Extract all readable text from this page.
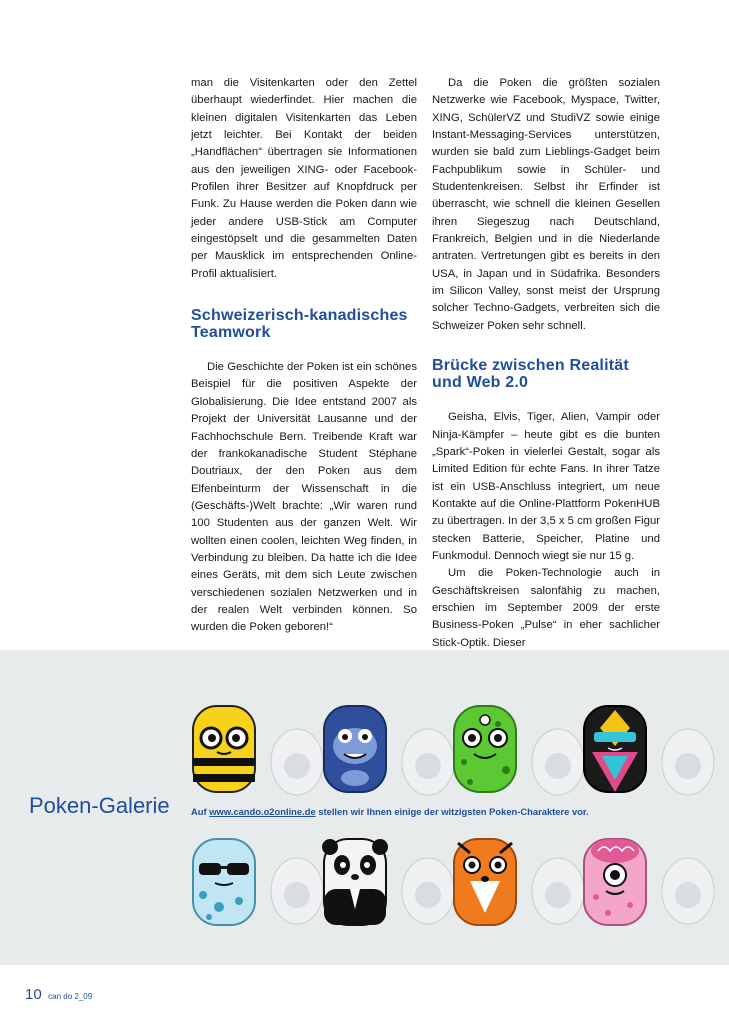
man die Visitenkarten oder den Zettel überhaupt wiederfindet. Hier machen die kleinen digitalen Visitenkarten das Leben jetzt leichter. Bei Kontakt der beiden „Handflächen“ übertragen sie Informationen aus den jeweiligen XING- oder Facebook-Profilen ihrer Besitzer auf Knopfdruck per Funk. Zu Hause werden die Poken dann wie jeder andere USB-Stick am Computer eingestöpselt und die gesammelten Daten per Mausklick im entsprechenden Online-Profil aktualisiert.

Schweizerisch-kanadisches Teamwork

Die Geschichte der Poken ist ein schönes Beispiel für die positiven Aspekte der Globalisierung. Die Idee entstand 2007 als Projekt der Universität Lausanne und der Fachhochschule Bern. Treibende Kraft war der frankokanadische Student Stéphane Doutriaux, der den Poken aus dem Elfenbeinturm der Wissenschaft in die (Geschäfts-)Welt brachte: „Wir waren rund 100 Studenten aus der ganzen Welt. Wir wollten einen coolen, leichten Weg finden, in Verbindung zu bleiben. Da hatte ich die Idee eines Geräts, mit dem sich Leute zwischen verschiedenen sozialen Netzwerken und in der realen Welt verbinden können. So wurden die Poken geboren!“

Da die Poken die größten sozialen Netzwerke wie Facebook, Myspace, Twitter, XING, SchülerVZ und StudiVZ sowie einige Instant-Messaging-Services unterstützen, wurden sie bald zum Lieblings-Gadget beim Fachpublikum sowie in Schüler- und Studentenkreisen. Selbst ihr Erfinder ist überrascht, wie schnell die kleinen Gesellen ihren Siegeszug nach Deutschland, Frankreich, Belgien und in die Niederlande antraten. Vertretungen gibt es bereits in den USA, in Japan und in Südafrika. Besonders im Silicon Valley, sonst meist der Ursprung solcher Techno-Gadgets, verbreiten sich die Schweizer Poken sehr schnell.

Brücke zwischen Realität und Web 2.0

Geisha, Elvis, Tiger, Alien, Vampir oder Ninja-Kämpfer – heute gibt es die bunten „Spark“-Poken in vielerlei Gestalt, sogar als Limited Edition für echte Fans. In ihrer Tatze ist ein USB-Anschluss integriert, um neue Kontakte auf die Online-Plattform PokenHUB zu übertragen. In der 3,5 x 5 cm großen Figur stecken Batterie, Speicher, Platine und Funkmodul. Dennoch wiegt sie nur 15 g.

Um die Poken-Technologie auch in Geschäftskreisen salonfähig zu machen, erschien im September 2009 der erste Business-Poken „Pulse“ in eher sachlicher Stick-Optik. Dieser

Poken-Galerie Auf www.cando.o2online.de stellen wir Ihnen einige der witzigsten Poken-Charaktere vor.
10 can do 2_09
